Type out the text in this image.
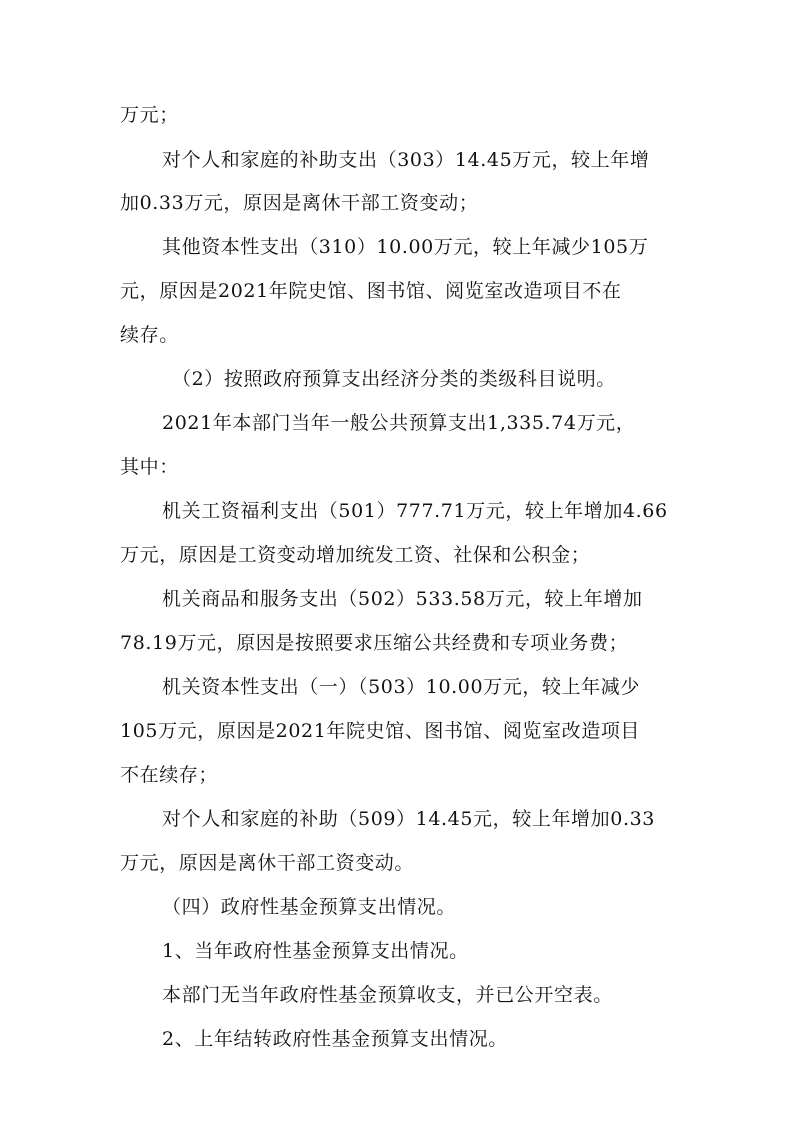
万元；
对个人和家庭的补助支出（303）14.45万元，较上年增
加0.33万元，原因是离休干部工资变动；
其他资本性支出（310）10.00万元，较上年减少105万
元，原因是2021年院史馆、图书馆、阅览室改造项目不在
续存。
（2）按照政府预算支出经济分类的类级科目说明。
2021年本部门当年一般公共预算支出1,335.74万元，
其中：
机关工资福利支出（501）777.71万元，较上年增加4.66
万元，原因是工资变动增加统发工资、社保和公积金；
机关商品和服务支出（502）533.58万元，较上年增加
78.19万元，原因是按照要求压缩公共经费和专项业务费；
机关资本性支出（一）（503）10.00万元，较上年减少
105万元，原因是2021年院史馆、图书馆、阅览室改造项目
不在续存；
对个人和家庭的补助（509）14.45元，较上年增加0.33
万元，原因是离休干部工资变动。
（四）政府性基金预算支出情况。
1、当年政府性基金预算支出情况。
本部门无当年政府性基金预算收支，并已公开空表。
2、上年结转政府性基金预算支出情况。
